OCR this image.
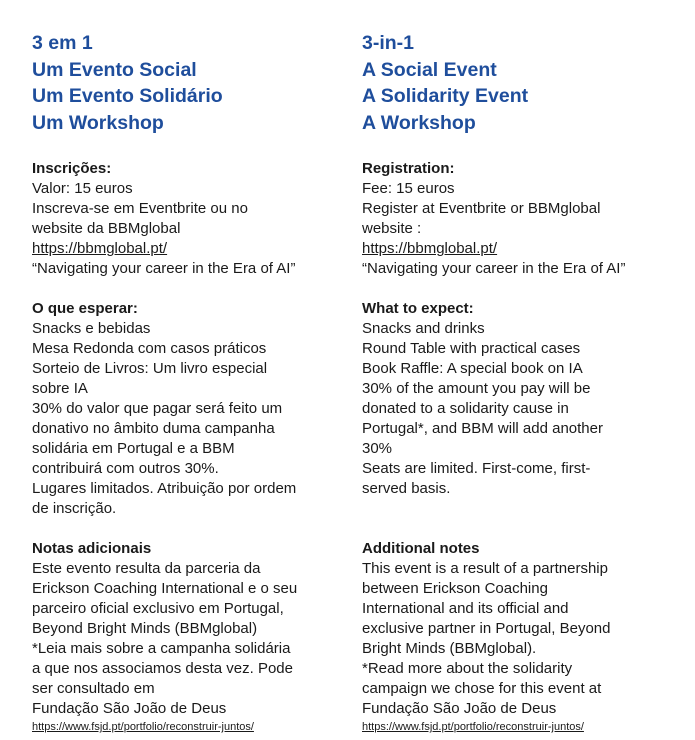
3 em 1
Um Evento Social
Um Evento Solidário
Um Workshop
Inscrições:
Valor: 15 euros
Inscreva-se em Eventbrite ou no
website da BBMglobal
https://bbmglobal.pt/
“Navigating your career in the Era of AI”
O que esperar:
Snacks e bebidas
Mesa Redonda com casos práticos
Sorteio de Livros: Um livro especial
sobre IA
30% do valor que pagar será feito um
donativo no âmbito duma campanha
solidária em Portugal e a BBM
contribuirá com outros 30%.
Lugares limitados. Atribuição por ordem
de inscrição.
Notas adicionais
Este evento resulta da parceria da
Erickson Coaching International e o seu
parceiro oficial exclusivo em Portugal,
Beyond Bright Minds (BBMglobal)
*Leia mais sobre a campanha solidária
a que nos associamos desta vez. Pode
ser consultado em
Fundação São João de Deus
https://www.fsjd.pt/portfolio/reconstruir-juntos/
3-in-1
A Social Event
A Solidarity Event
A Workshop
Registration:
Fee: 15 euros
Register at Eventbrite or BBMglobal
website :
https://bbmglobal.pt/
“Navigating your career in the Era of AI”
What to expect:
Snacks and drinks
Round Table with practical cases
Book Raffle: A special book on IA
30% of the amount you pay will be
donated to a solidarity cause in
Portugal*, and BBM will add another
30%
Seats are limited. First-come, first-
served basis.
Additional notes
This event is a result of a partnership
between Erickson Coaching
International and its official and
exclusive partner in Portugal, Beyond
Bright Minds (BBMglobal).
*Read more about the solidarity
campaign we chose for this event at
Fundação São João de Deus
https://www.fsjd.pt/portfolio/reconstruir-juntos/
